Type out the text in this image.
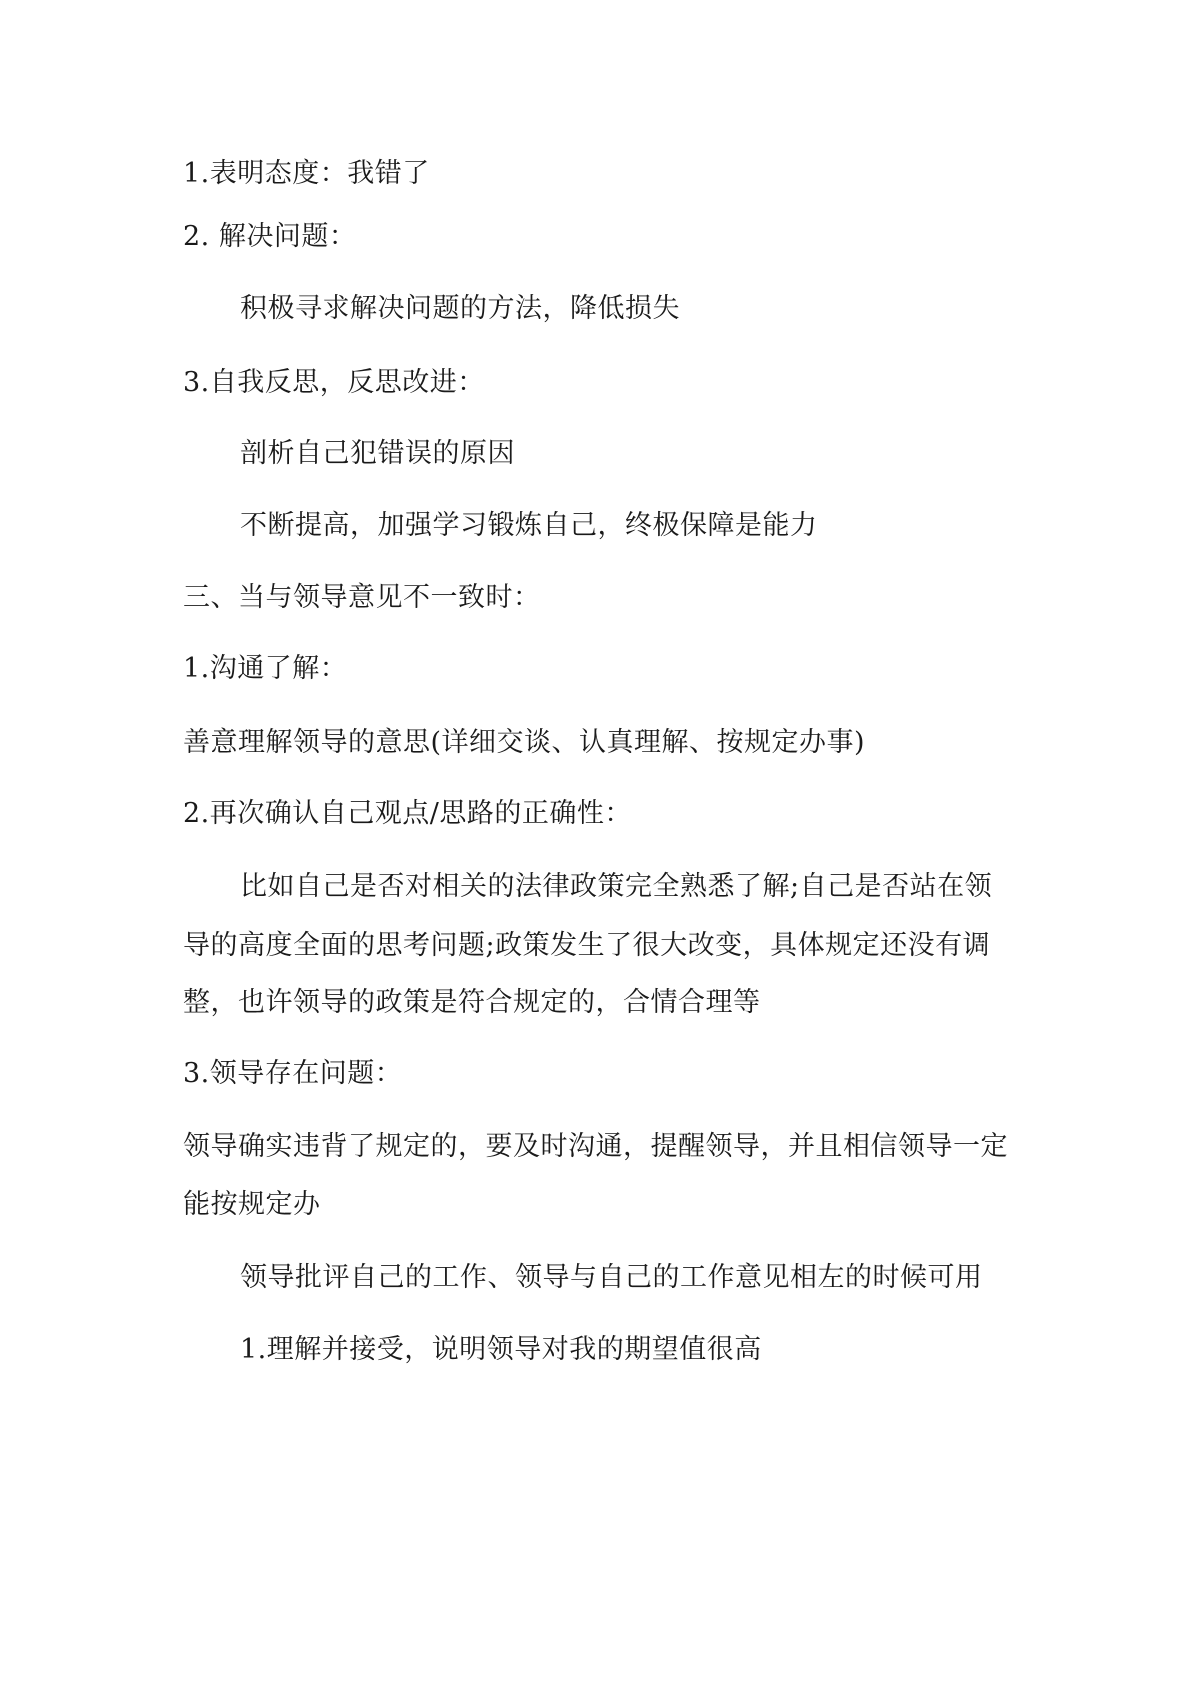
1.表明态度：我错了
2. 解决问题：
积极寻求解决问题的方法，降低损失
3.自我反思，反思改进：
剖析自己犯错误的原因
不断提高，加强学习锻炼自己，终极保障是能力
三、当与领导意见不一致时：
1.沟通了解：
善意理解领导的意思(详细交谈、认真理解、按规定办事)
2.再次确认自己观点/思路的正确性：
比如自己是否对相关的法律政策完全熟悉了解;自己是否站在领
导的高度全面的思考问题;政策发生了很大改变，具体规定还没有调
整，也许领导的政策是符合规定的，合情合理等
3.领导存在问题：
领导确实违背了规定的，要及时沟通，提醒领导，并且相信领导一定
能按规定办
领导批评自己的工作、领导与自己的工作意见相左的时候可用
1.理解并接受，说明领导对我的期望值很高
